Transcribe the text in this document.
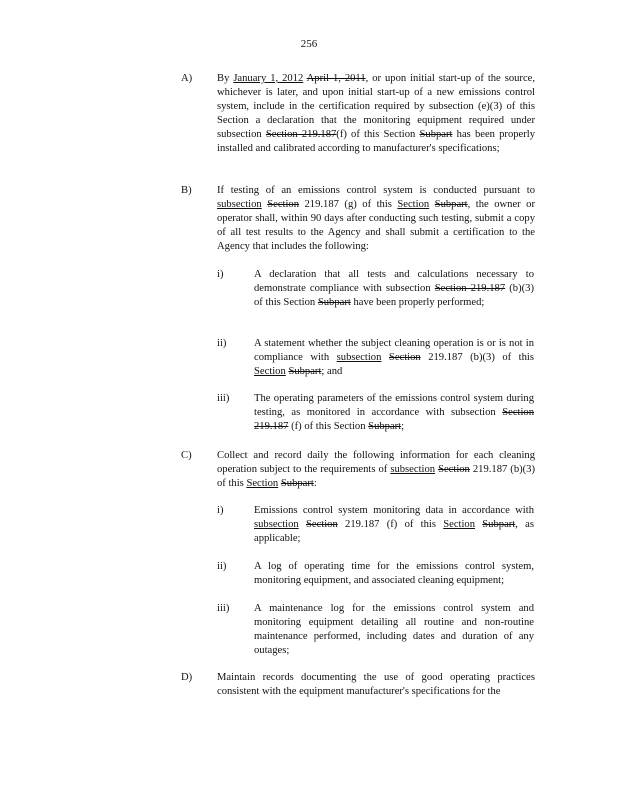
256
A) By January 1, 2012 April 1, 2011, or upon initial start-up of the source, whichever is later, and upon initial start-up of a new emissions control system, include in the certification required by subsection (e)(3) of this Section a declaration that the monitoring equipment required under subsection Section 219.187(f) of this Section Subpart has been properly installed and calibrated according to manufacturer's specifications;
B) If testing of an emissions control system is conducted pursuant to subsection Section 219.187 (g) of this Section Subpart, the owner or operator shall, within 90 days after conducting such testing, submit a copy of all test results to the Agency and shall submit a certification to the Agency that includes the following:
i)	A declaration that all tests and calculations necessary to demonstrate compliance with subsection Section 219.187 (b)(3) of this Section Subpart have been properly performed;
ii)	A statement whether the subject cleaning operation is or is not in compliance with subsection Section 219.187 (b)(3) of this Section Subpart; and
iii) The operating parameters of the emissions control system during testing, as monitored in accordance with subsection Section 219.187 (f) of this Section Subpart;
C) Collect and record daily the following information for each cleaning operation subject to the requirements of subsection Section 219.187 (b)(3) of this Section Subpart:
i)	Emissions control system monitoring data in accordance with subsection Section 219.187 (f) of this Section Subpart, as applicable;
ii)	A log of operating time for the emissions control system, monitoring equipment, and associated cleaning equipment;
iii) A maintenance log for the emissions control system and monitoring equipment detailing all routine and non-routine maintenance performed, including dates and duration of any outages;
D) Maintain records documenting the use of good operating practices consistent with the equipment manufacturer's specifications for the
